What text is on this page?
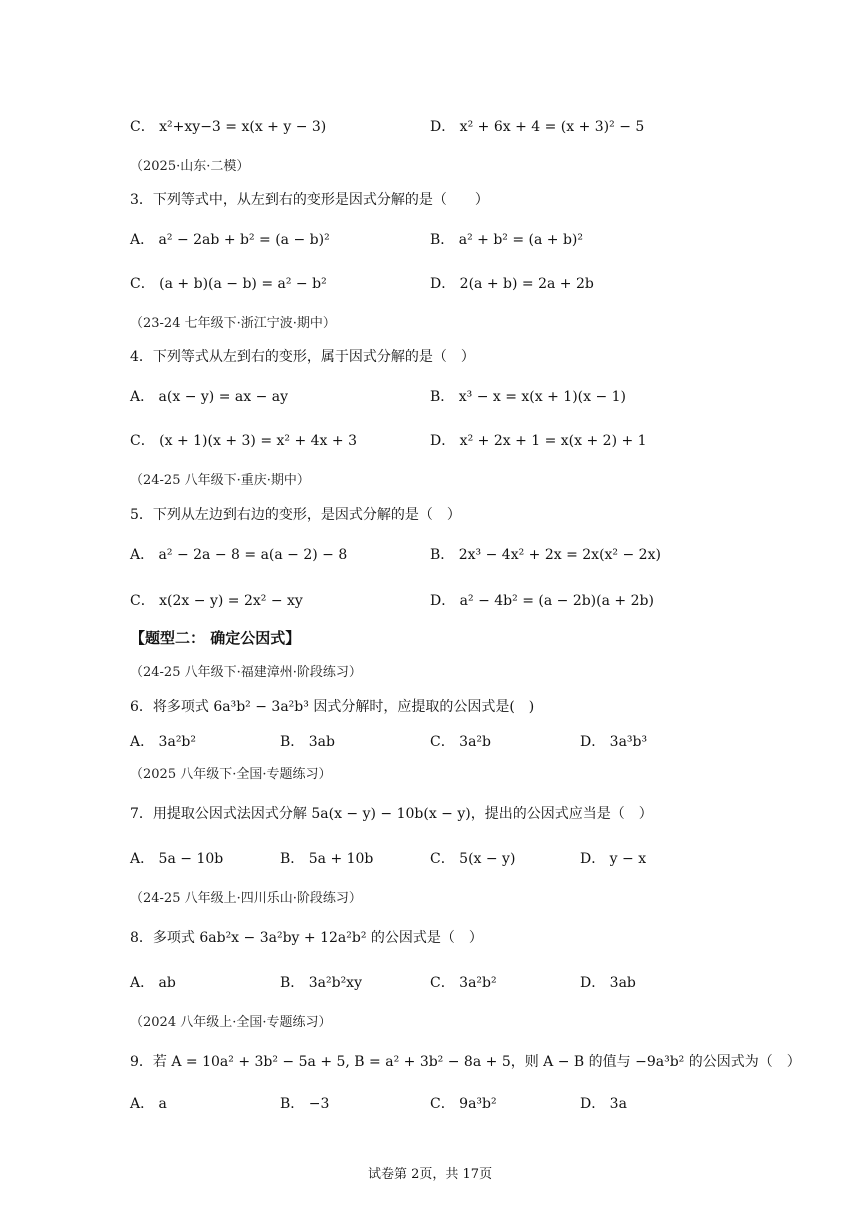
C． x²+xy−3 = x(x + y − 3)	D． x² + 6x + 4 = (x + 3)² − 5
（2025·山东·二模）
3．下列等式中，从左到右的变形是因式分解的是（　　）
A． a² − 2ab + b² = (a − b)²	B． a² + b² = (a + b)²
C． (a + b)(a − b) = a² − b²	D． 2(a + b) = 2a + 2b
（23-24 七年级下·浙江宁波·期中）
4．下列等式从左到右的变形，属于因式分解的是（　）
A． a(x − y) = ax − ay	B． x³ − x = x(x + 1)(x − 1)
C． (x + 1)(x + 3) = x² + 4x + 3	D． x² + 2x + 1 = x(x + 2) + 1
（24-25 八年级下·重庆·期中）
5．下列从左边到右边的变形，是因式分解的是（　）
A． a² − 2a − 8 = a(a − 2) − 8	B． 2x³ − 4x² + 2x = 2x(x² − 2x)
C． x(2x − y) = 2x² − xy	D． a² − 4b² = (a − 2b)(a + 2b)
【题型二： 确定公因式】
（24-25 八年级下·福建漳州·阶段练习）
6．将多项式 6a³b² − 3a²b³ 因式分解时，应提取的公因式是(　)
A． 3a²b²	B． 3ab	C． 3a²b	D． 3a³b³
（2025 八年级下·全国·专题练习）
7．用提取公因式法因式分解 5a(x − y) − 10b(x − y)，提出的公因式应当是（　）
A． 5a − 10b	B． 5a + 10b	C． 5(x − y)	D． y − x
（24-25 八年级上·四川乐山·阶段练习）
8．多项式 6ab²x − 3a²by + 12a²b² 的公因式是（　）
A． ab	B． 3a²b²xy	C． 3a²b²	D． 3ab
（2024 八年级上·全国·专题练习）
9．若 A = 10a² + 3b² − 5a + 5, B = a² + 3b² − 8a + 5，则 A − B 的值与 −9a³b² 的公因式为（　）
A． a	B． −3	C． 9a³b²	D． 3a
试卷第 2页，共 17页
